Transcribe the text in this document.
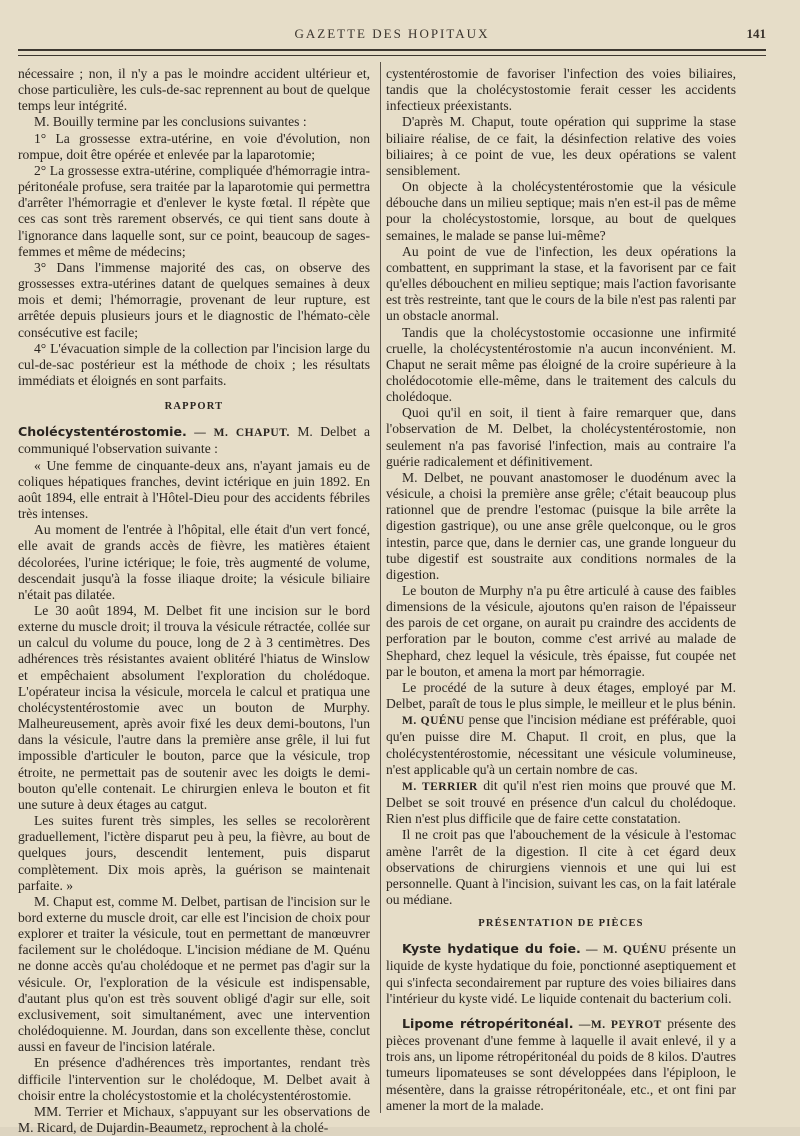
GAZETTE DES HOPITAUX	141

nécessaire ; non, il n'y a pas le moindre accident ultérieur et, chose particulière, les culs-de-sac reprennent au bout de quelque temps leur intégrité.

M. Bouilly termine par les conclusions suivantes :

1° La grossesse extra-utérine, en voie d'évolution, non rompue, doit être opérée et enlevée par la laparotomie;

2° La grossesse extra-utérine, compliquée d'hémorragie intra-péritonéale profuse, sera traitée par la laparotomie qui permettra d'arrêter l'hémorragie et d'enlever le kyste fœtal. Il répète que ces cas sont très rarement observés, ce qui tient sans doute à l'ignorance dans laquelle sont, sur ce point, beaucoup de sages-femmes et même de médecins;

3° Dans l'immense majorité des cas, on observe des grossesses extra-utérines datant de quelques semaines à deux mois et demi; l'hémorragie, provenant de leur rupture, est arrêtée depuis plusieurs jours et le diagnostic de l'hémato-cèle consécutive est facile;

4° L'évacuation simple de la collection par l'incision large du cul-de-sac postérieur est la méthode de choix ; les résultats immédiats et éloignés en sont parfaits.

RAPPORT

Cholécystentérostomie. — M. CHAPUT. M. Delbet a communiqué l'observation suivante :

« Une femme de cinquante-deux ans, n'ayant jamais eu de coliques hépatiques franches, devint ictérique en juin 1892. En août 1894, elle entrait à l'Hôtel-Dieu pour des accidents fébriles très intenses.

Au moment de l'entrée à l'hôpital, elle était d'un vert foncé, elle avait de grands accès de fièvre, les matières étaient décolorées, l'urine ictérique; le foie, très augmenté de volume, descendait jusqu'à la fosse iliaque droite; la vésicule biliaire n'était pas dilatée.

Le 30 août 1894, M. Delbet fit une incision sur le bord externe du muscle droit; il trouva la vésicule rétractée, collée sur un calcul du volume du pouce, long de 2 à 3 centimètres. Des adhérences très résistantes avaient oblitéré l'hiatus de Winslow et empêchaient absolument l'exploration du cholédoque. L'opérateur incisa la vésicule, morcela le calcul et pratiqua une cholécystentérostomie avec un bouton de Murphy. Malheureusement, après avoir fixé les deux demi-boutons, l'un dans la vésicule, l'autre dans la première anse grêle, il lui fut impossible d'articuler le bouton, parce que la vésicule, trop étroite, ne permettait pas de soutenir avec les doigts le demi-bouton qu'elle contenait. Le chirurgien enleva le bouton et fit une suture à deux étages au catgut.

Les suites furent très simples, les selles se recolorèrent graduellement, l'ictère disparut peu à peu, la fièvre, au bout de quelques jours, descendit lentement, puis disparut complètement. Dix mois après, la guérison se maintenait parfaite. »

M. Chaput est, comme M. Delbet, partisan de l'incision sur le bord externe du muscle droit, car elle est l'incision de choix pour explorer et traiter la vésicule, tout en permettant de manœuvrer facilement sur le cholédoque. L'incision médiane de M. Quénu ne donne accès qu'au cholédoque et ne permet pas d'agir sur la vésicule. Or, l'exploration de la vésicule est indispensable, d'autant plus qu'on est très souvent obligé d'agir sur elle, soit exclusivement, soit simultanément, avec une intervention cholédoquienne. M. Jourdan, dans son excellente thèse, conclut aussi en faveur de l'incision latérale.

En présence d'adhérences très importantes, rendant très difficile l'intervention sur le cholédoque, M. Delbet avait à choisir entre la cholécystostomie et la cholécystentérostomie.

MM. Terrier et Michaux, s'appuyant sur les observations de M. Ricard, de Dujardin-Beaumetz, reprochent à la cholé-

cystentérostomie de favoriser l'infection des voies biliaires, tandis que la cholécystostomie ferait cesser les accidents infectieux préexistants.

D'après M. Chaput, toute opération qui supprime la stase biliaire réalise, de ce fait, la désinfection relative des voies biliaires; à ce point de vue, les deux opérations se valent sensiblement.

On objecte à la cholécystentérostomie que la vésicule débouche dans un milieu septique; mais n'en est-il pas de même pour la cholécystostomie, lorsque, au bout de quelques semaines, le malade se panse lui-même?

Au point de vue de l'infection, les deux opérations la combattent, en supprimant la stase, et la favorisent par ce fait qu'elles débouchent en milieu septique; mais l'action favorisante est très restreinte, tant que le cours de la bile n'est pas ralenti par un obstacle anormal.

Tandis que la cholécystostomie occasionne une infirmité cruelle, la cholécystentérostomie n'a aucun inconvénient. M. Chaput ne serait même pas éloigné de la croire supérieure à la cholédocotomie elle-même, dans le traitement des calculs du cholédoque.

Quoi qu'il en soit, il tient à faire remarquer que, dans l'observation de M. Delbet, la cholécystentérostomie, non seulement n'a pas favorisé l'infection, mais au contraire l'a guérie radicalement et définitivement.

M. Delbet, ne pouvant anastomoser le duodénum avec la vésicule, a choisi la première anse grêle; c'était beaucoup plus rationnel que de prendre l'estomac (puisque la bile arrête la digestion gastrique), ou une anse grêle quelconque, ou le gros intestin, parce que, dans le dernier cas, une grande longueur du tube digestif est soustraite aux conditions normales de la digestion.

Le bouton de Murphy n'a pu être articulé à cause des faibles dimensions de la vésicule, ajoutons qu'en raison de l'épaisseur des parois de cet organe, on aurait pu craindre des accidents de perforation par le bouton, comme c'est arrivé au malade de Shephard, chez lequel la vésicule, très épaisse, fut coupée net par le bouton, et amena la mort par hémorragie.

Le procédé de la suture à deux étages, employé par M. Delbet, paraît de tous le plus simple, le meilleur et le plus bénin.

M. QUÉNU pense que l'incision médiane est préférable, quoi qu'en puisse dire M. Chaput. Il croit, en plus, que la cholécystentérostomie, nécessitant une vésicule volumineuse, n'est applicable qu'à un certain nombre de cas.

M. TERRIER dit qu'il n'est rien moins que prouvé que M. Delbet se soit trouvé en présence d'un calcul du cholédoque. Rien n'est plus difficile que de faire cette constatation.

Il ne croit pas que l'abouchement de la vésicule à l'estomac amène l'arrêt de la digestion. Il cite à cet égard deux observations de chirurgiens viennois et une qui lui est personnelle. Quant à l'incision, suivant les cas, on la fait latérale ou médiane.

PRÉSENTATION DE PIÈCES

Kyste hydatique du foie. — M. QUÉNU présente un liquide de kyste hydatique du foie, ponctionné aseptiquement et qui s'infecta secondairement par rupture des voies biliaires dans l'intérieur du kyste vidé. Le liquide contenait du bacterium coli.

Lipome rétropéritonéal. —M. PEYROT présente des pièces provenant d'une femme à laquelle il avait enlevé, il y a trois ans, un lipome rétropéritonéal du poids de 8 kilos. D'autres tumeurs lipomateuses se sont développées dans l'épiploon, le mésentère, dans la graisse rétropéritonéale, etc., et ont fini par amener la mort de la malade.
